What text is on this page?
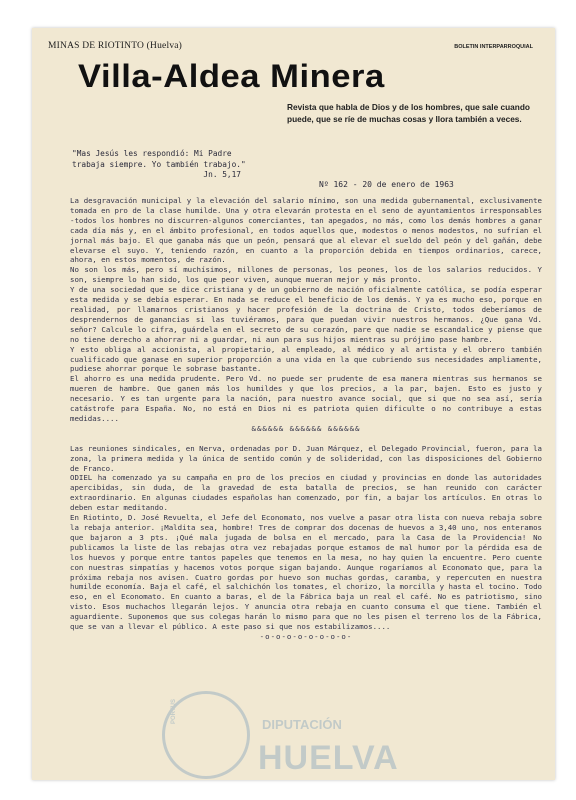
MINAS DE RIOTINTO (Huelva)	BOLETIN INTERPARROQUIAL
Villa-Aldea Minera
Revista que habla de Dios y de los hombres, que sale cuando puede, que se ríe de muchas cosas y llora también a veces.
"Mas Jesús les respondió: Mi Padre
trabaja siempre. Yo también trabajo."
Jn. 5,17
Nº 162 - 20 de enero de 1963

La desgravación municipal y la elevación del salario mínimo, son una medida gubernamental, exclusivamente tomada en pro de la clase humilde. Una y otra elevarán protesta en el seno de ayuntamientos irresponsables -todos los hombres no discurren-algunos comerciantes, tan apegados, no más, como los demás hombres a ganar cada día más y, en el ámbito profesional, en todos aquellos que, modestos o menos modestos, no sufrían el jornal más bajo. El que ganaba más que un peón, pensará que al elevar el sueldo del peón y del gañán, debe elevarse el suyo. Y, teniendo razón, en cuanto a la proporción debida en tiempos ordinarios, carece, ahora, en estos momentos, de razón.

No son los más, pero sí muchísimos, millones de personas, los peones, los de los salarios reducidos. Y son, siempre lo han sido, los que peor viven, aunque mueran mejor y más pronto.

Y de una sociedad que se dice cristiana y de un gobierno de nación oficialmente católica, se podía esperar esta medida y se debía esperar. En nada se reduce el beneficio de los demás. Y ya es mucho eso, porque en realidad, por llamarnos cristianos y hacer profesión de la doctrina de Cristo, todos deberíamos de desprendernos de ganancias si las tuviéramos, para que puedan vivir nuestros hermanos. ¿Que gana Vd. señor? Calcule lo cifra, guárdela en el secreto de su corazón, pare que nadie se escandalice y piense que no tiene derecho a ahorrar ni a guardar, ni aun para sus hijos mientras su prójimo pase hambre.

Y esto obliga al accionista, al propietario, al empleado, al médico y al artista y el obrero también cualificado que ganase en superior proporción a una vida en la que cubriendo sus necesidades ampliamente, pudiese ahorrar porque le sobrase bastante.

El ahorro es una medida prudente. Pero Vd. no puede ser prudente de esa manera mientras sus hermanos se mueren de hambre. Que ganen más los humildes y que los precios, a la par, bajen. Esto es justo y necesario. Y es tan urgente para la nación, para nuestro avance social, que si que no sea así, sería catástrofe para España. No, no está en Dios ni es patriota quien dificulte o no contribuye a estas medidas....

&&&&&& &&&&&& &&&&&&

Las reuniones sindicales, en Nerva, ordenadas por D. Juan Márquez, el Delegado Provincial, fueron, para la zona, la primera medida y la única de sentido común y de solideridad, con las disposiciones del Gobierno de Franco.

ODIEL ha comenzado ya su campaña en pro de los precios en ciudad y provincias en donde las autoridades apercibidas, sin duda, de la gravedad de esta batalla de precios, se han reunido con carácter extraordinario. En algunas ciudades españolas han comenzado, por fin, a bajar los artículos. En otras lo deben estar meditando.

En Riotinto, D. José Revuelta, el Jefe del Economato, nos vuelve a pasar otra lista con nueva rebaja sobre la rebaja anterior. ¡Maldita sea, hombre! Tres de comprar dos docenas de huevos a 3,40 uno, nos enteramos que bajaron a 3 pts. ¡Qué mala jugada de bolsa en el mercado, para la Casa de la Providencia! No publicamos la liste de las rebajas otra vez rebajadas porque estamos de mal humor por la pérdida esa de los huevos y porque entre tantos papeles que tenemos en la mesa, no hay quien la encuentre. Pero cuente con nuestras simpatías y hacemos votos porque sigan bajando. Aunque rogaríamos al Economato que, para la próxima rebaja nos avisen. Cuatro gordas por huevo son muchas gordas, caramba, y repercuten en nuestra humilde economía. Baja el café, el salchichón los tomates, el chorizo, la morcilla y hasta el tocino. Todo eso, en el Economato. En cuanto a baras, el de la Fábrica baja un real el café. No es patriotismo, sino visto. Esos muchachos llegarán lejos. Y anuncia otra rebaja en cuanto consuma el que tiene. También el aguardiente. Suponemos que sus colegas harán lo mismo para que no les pisen el terreno los de la Fábrica, que se van a llevar el público. A este paso si que nos estabilizamos....

-o-o-o-o-o-o-o-o-

PORTUS
DIPUTACIÓN
HUELVA
